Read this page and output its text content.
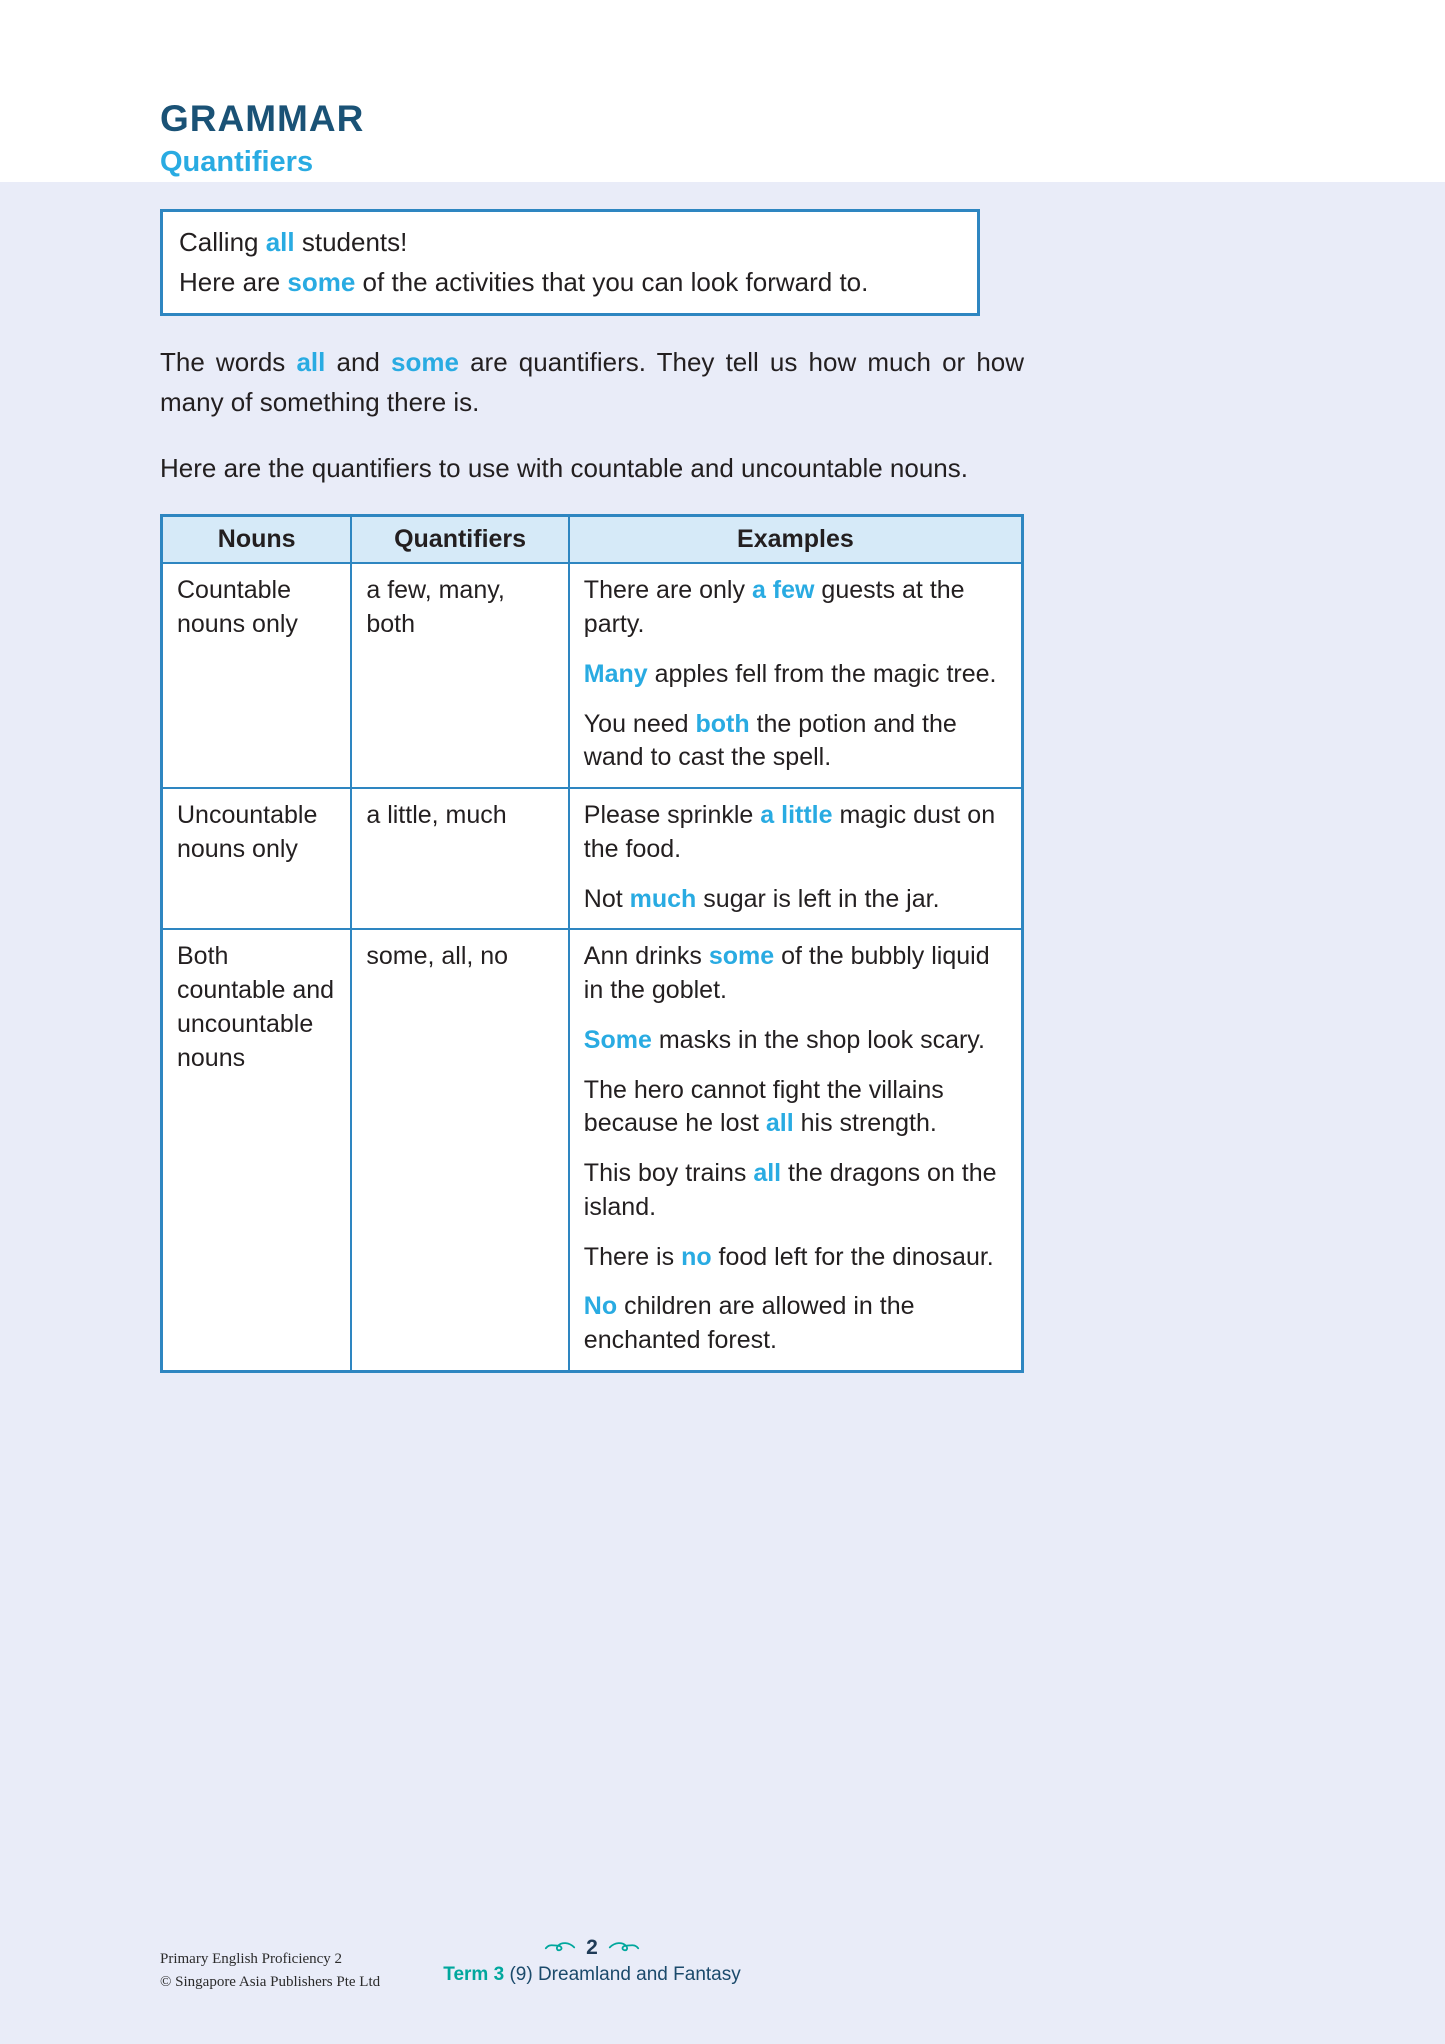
GRAMMAR
Quantifiers

Calling all students!

Here are some of the activities that you can look forward to.

The words all and some are quantifiers. They tell us how much or how many of something there is.

Here are the quantifiers to use with countable and uncountable nouns.

Nouns	Quantifiers	Examples
Countable nouns only	a few, many, both	There are only a few guests at the party.

Many apples fell from the magic tree.

You need both the potion and the wand to cast the spell.

Uncountable nouns only	a little, much	Please sprinkle a little magic dust on the food.

Not much sugar is left in the jar.

Both countable and uncountable nouns	some, all, no	Ann drinks some of the bubbly liquid in the goblet.

Some masks in the shop look scary.

The hero cannot fight the villains because he lost all his strength.

This boy trains all the dragons on the island.

There is no food left for the dinosaur.

No children are allowed in the enchanted forest.

Primary English Proficiency 2
© Singapore Asia Publishers Pte Ltd
2
Term 3 (9) Dreamland and Fantasy
